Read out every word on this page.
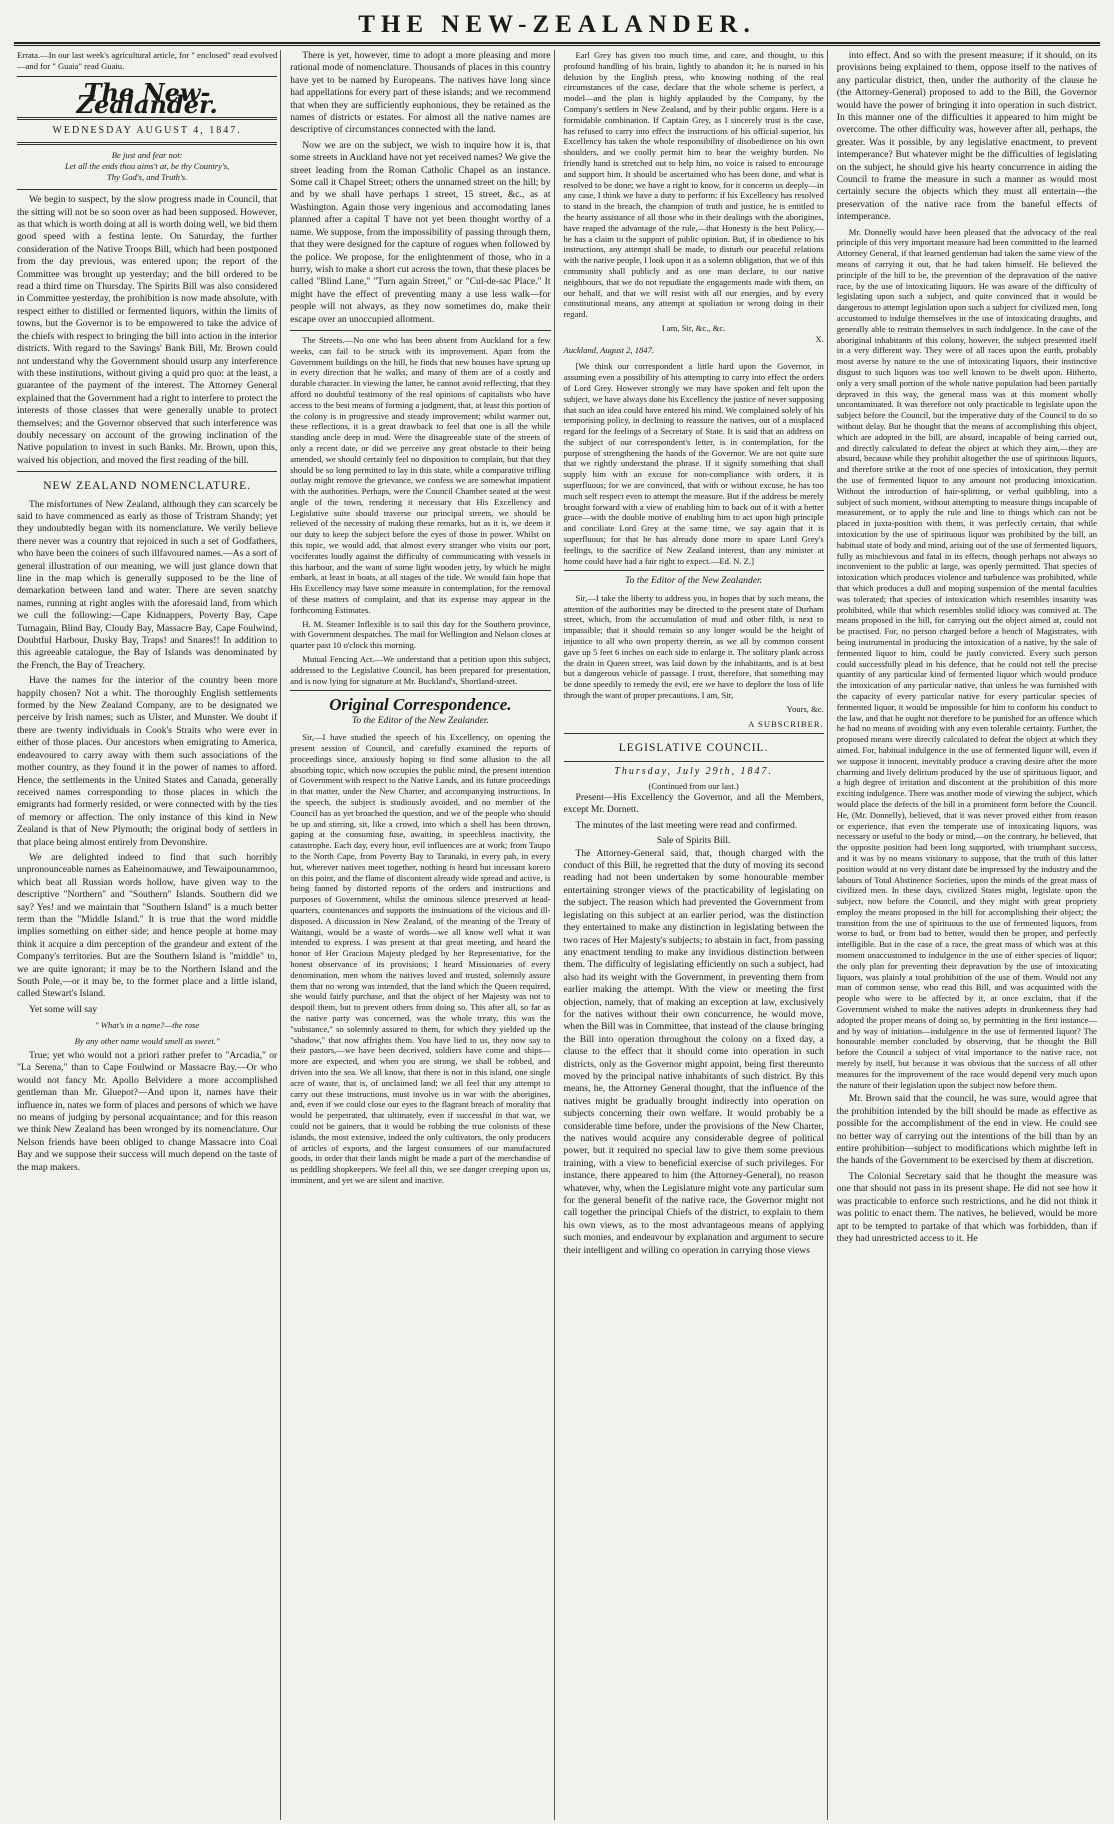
THE NEW-ZEALANDER.
Errata.—In our last week's agricultural article, for " enclosed" read evolved—and for " Guaia" read Guaiu.
The New-Zealander.
WEDNESDAY AUGUST 4, 1847.
Be just and fear not:
Let all the ends thou aims't at, be thy Country's,
Thy God's, and Truth's.

We begin to suspect, by the slow progress made in Council, that the sitting will not be so soon over as had been supposed. However, as that which is worth doing at all is worth doing well, we bid them good speed with a festina lente. On Saturday, the further consideration of the Native Troops Bill, which had been postponed from the day previous, was entered upon; the report of the Committee was brought up yesterday; and the bill ordered to be read a third time on Thursday. The Spirits Bill was also considered in Committee yesterday, the prohibition is now made absolute, with respect either to distilled or fermented liquors, within the limits of towns, but the Governor is to be empowered to take the advice of the chiefs with respect to bringing the bill into action in the interior districts. With regard to the Savings' Bank Bill, Mr. Brown could not understand why the Government should usurp any interference with these institutions, without giving a quid pro quo: at the least, a guarantee of the payment of the interest. The Attorney General explained that the Government had a right to interfere to protect the interests of those classes that were generally unable to protect themselves; and the Governor observed that such interference was doubly necessary on account of the growing inclination of the Native population to invest in such Banks. Mr. Brown, upon this, waived his objection, and moved the first reading of the bill.

NEW ZEALAND NOMENCLATURE.

The misfortunes of New Zealand, although they can scarcely be said to have commenced as early as those of Tristram Shandy; yet they undoubtedly began with its nomenclature. We verily believe there never was a country that rejoiced in such a set of Godfathers, who have been the coiners of such illfavoured names.—As a sort of general illustration of our meaning, we will just glance down that line in the map which is generally supposed to be the line of demarkation between land and water. There are seven snatchy names, running at right angles with the aforesaid land, from which we cull the following:—Cape Kidnappers, Poverty Bay, Cape Turnagain, Blind Bay, Cloudy Bay, Massacre Bay, Cape Foulwind, Doubtful Harbour, Dusky Bay, Traps! and Snares!! In addition to this agreeable catalogue, the Bay of Islands was denominated by the French, the Bay of Treachery.

Have the names for the interior of the country been more happily chosen? Not a whit. The thoroughly English settlements formed by the New Zealand Company, are to be designated we perceive by Irish names; such as Ulster, and Munster. We doubt if there are twenty individuals in Cook's Straits who were ever in either of those places. Our ancestors when emigrating to America, endeavoured to carry away with them such associations of the mother country, as they found it in the power of names to afford. Hence, the settlements in the United States and Canada, generally received names corresponding to those places in which the emigrants had formerly resided, or were connected with by the ties of memory or affection. The only instance of this kind in New Zealand is that of New Plymouth; the original body of settlers in that place being almost entirely from Devonshire.

We are delighted indeed to find that such horribly unpronounceable names as Eaheinomauwe, and Tewaipounammoo, which beat all Russian words hollow, have given way to the descriptive "Northern" and "Southern" Islands. Southern did we say? Yes! and we maintain that "Southern Island" is a much better term than the "Middle Island." It is true that the word middle implies something on either side; and hence people at home may think it acquire a dim perception of the grandeur and extent of the Company's territories. But are the Southern Island is "middle" to, we are quite ignorant; it may be to the Northern Island and the South Pole,—or it may be, to the former place and a little island, called Stewart's Island.

Yet some will say

" What's in a name?—the rose
By any other name would smell as sweet."

True; yet who would not a priori rather prefer to "Arcadia," or "La Serena," than to Cape Foulwind or Massacre Bay.—Or who would not fancy Mr. Apollo Belvidere a more accomplished gentleman than Mr. Gluepot?—And upon it, names have their influence in, nates we form of places and persons of which we have no means of judging by personal acquaintance; and for this reason we think New Zealand has been wronged by its nomenclature. Our Nelson friends have been obliged to change Massacre into Coal Bay and we suppose their success will much depend on the taste of the map makers.

There is yet, however, time to adopt a more pleasing and more rational mode of nomenclature. Thousands of places in this country have yet to be named by Europeans. The natives have long since had appellations for every part of these islands; and we recommend that when they are sufficiently euphonious, they be retained as the names of districts or estates. For almost all the native names are descriptive of circumstances connected with the land.

Now we are on the subject, we wish to inquire how it is, that some streets in Auckland have not yet received names? We give the street leading from the Roman Catholic Chapel as an instance. Some call it Chapel Street; others the unnamed street on the hill; by and by we shall have perhaps 1 street, 15 street, &c., as at Washington. Again those very ingenious and accomodating lanes planned after a capital T have not yet been thought worthy of a name. We suppose, from the impossibility of passing through them, that they were designed for the capture of rogues when followed by the police. We propose, for the enlightenment of those, who in a hurry, wish to make a short cut across the town, that these places be called "Blind Lane," "Turn again Street," or "Cul-de-sac Place." It might have the effect of preventing many a use less walk—for people will not always, as they now sometimes do, make their escape over an unoccupied allotment.

The Streets.—No one who has been absent from Auckland for a few weeks, can fail to be struck with its improvement. Apart from the Government buildings on the hill, he finds that new houses have sprung up in every direction that he walks, and many of them are of a costly and durable character. In viewing the latter, he cannot avoid reflecting, that they afford no doubtful testimony of the real opinions of capitalists who have access to the best means of forming a judgment, that, at least this portion of the colony is in progressive and steady improvement; whilst warmer out, these reflections, it is a great drawback to feel that one is all the while standing ancle deep in mud. Were the disagreeable state of the streets of only a recent date, or did we perceive any great obstacle to their being amended, we should certainly feel no disposition to complain, but that they should be so long permitted to lay in this state, while a comparative trifling outlay might remove the grievance, we confess we are somewhat impatient with the authorities. Perhaps, were the Council Chamber seated at the west angle of the town, rendering it necessary that His Excellency and Legislative suite should traverse our principal streets, we should be relieved of the necessity of making these remarks, but as it is, we deem it our duty to keep the subject before the eyes of those in power. Whilst on this topic, we would add, that almost every stranger who visits our port, vociferates loudly against the difficulty of communicating with vessels in this harbour, and the want of some light wooden jetty, by which he might embark, at least in boats, at all stages of the tide. We would fain hope that His Excellency may have some measure in contemplation, for the removal of these matters of complaint, and that its expense may appear in the forthcoming Estimates.

H. M. Steamer Inflexible is to sail this day for the Southern province, with Government despatches. The mail for Wellington and Nelson closes at quarter past 10 o'clock this morning.

Mutual Fencing Act.—We understand that a petition upon this subject, addressed to the Legislative Council, has been prepared for presentation, and is now lying for signature at Mr. Buckland's, Shortland-street.

Original Correspondence.
To the Editor of the New Zealander.

Sir,—I have studied the speech of his Excellency, on opening the present session of Council, and carefully examined the reports of proceedings since, anxiously hoping to find some allusion to the all absorbing topic, which now occupies the public mind, the present intention of Government with respect to the Native Lands, and its future proceedings in that matter, under the New Charter, and accompanying instructions. In the speech, the subject is studiously avoided, and no member of the Council has as yet broached the question, and we of the people who should be up and stirring, sit, like a crowd, into which a shell has been thrown, gaping at the consuming fuse, awaiting, in speechless inactivity, the catastrophe. Each day, every hour, evil influences are at work; from Taupo to the North Cape, from Poverty Bay to Taranaki, in every pah, in every hut, wherever natives meet together, nothing is heard but incessant korero on this point, and the flame of discontent already wide spread and active, is being fanned by distorted reports of the orders and instructions and purposes of Government, whilst the ominous silence preserved at head-quarters, countenances and supports the insinuations of the vicious and ill-disposed. A discussion in New Zealand, of the meaning of the Treaty of Waitangi, would be a waste of words—we all know well what it was intended to express. I was present at that great meeting, and heard the honor of Her Gracious Majesty pledged by her Representative, for the honest observance of its provisions; I heard Missionaries of every denomination, men whom the natives loved and trusted, solemnly assure them that no wrong was intended, that the land which the Queen required, she would fairly purchase, and that the object of her Majesty was not to despoil them, but to prevent others from doing so. This after all, so far as the native party was concerned, was the whole treaty, this was the "substance," so solemnly assured to them, for which they yielded up the "shadow," that now affrights them. You have lied to us, they now say to their pastors,—we have been deceived, soldiers have come and ships—more are expected, and when you are strong, we shall be robbed, and driven into the sea. We all know, that there is not in this island, one single acre of waste, that is, of unclaimed land; we all feel that any attempt to carry out these instructions, must involve us in war with the aborigines, and, even if we could close our eyes to the flagrant breach of morality that would be perpetrated, that ultimately, even if successful in that war, we could not be gainers, that it would be robbing the true colonists of these islands, the most extensive, indeed the only cultivators, the only producers of articles of exports, and the largest consumers of our manufactured goods, in order that their lands might be made a part of the merchandise of us peddling shopkeepers. We feel all this, we see danger creeping upon us, imminent, and yet we are silent and inactive.

Earl Grey has given too much time, and care, and thought, to this profound handling of his brain, lightly to abandon it; he is nursed in his delusion by the English press, who knowing nothing of the real circumstances of the case, declare that the whole scheme is perfect, a model—and the plan is highly applauded by the Company, by the Company's settlers in New Zealand, and by their public organs. Here is a formidable combination. If Captain Grey, as I sincerely trust is the case, has refused to carry into effect the instructions of his official superior, his Excellency has taken the whole responsibility of disobedience on his own shoulders, and we coolly permit him to bear the weighty burden. No friendly hand is stretched out to help him, no voice is raised to encourage and support him. It should be ascertained who has been done, and what is resolved to be done; we have a right to know, for it concerns us deeply—in any case, I think we have a duty to perform: if his Excellency has resolved to stand in the breach, the champion of truth and justice, he is entitled to the hearty assistance of all those who in their dealings with the aborigines, have reaped the advantage of the rule,—that Honesty is the best Policy,—he has a claim to the support of public opinion. But, if in obedience to his instructions, any attempt shall be made, to disturb our peaceful relations with the native people, I look upon it as a solemn obligation, that we of this community shall publicly and as one man declare, to our native neighbours, that we do not repudiate the engagements made with them, on our behalf, and that we will resist with all our energies, and by every constitutional means, any attempt at spoliation or wrong doing in their regard.

I am, Sir, &c., &c.
X.
Auckland, August 2, 1847.

[We think our correspondent a little hard upon the Governor, in assuming even a possibility of his attempting to carry into effect the orders of Lord Grey. However strongly we may have spoken and felt upon the subject, we have always done his Excellency the justice of never supposing that such an idea could have entered his mind. We complained solely of his temporising policy, in declining to reassure the natives, out of a misplaced regard for the feelings of a Secretary of State. It is said that an address on the subject of our correspondent's letter, is in contemplation, for the purpose of strengthening the hands of the Governor. We are not quite sure that we rightly understand the phrase. If it signify something that shall supply him with an excuse for non-compliance with orders, it is superfluous; for we are convinced, that with or without excuse, he has too much self respect even to attempt the measure. But if the address be merely brought forward with a view of enabling him to back out of it with a better grace—with the double motive of enabling him to act upon high principle and conciliate Lord Grey at the same time, we say again that it is superfluous; for that he has already done more to spare Lord Grey's feelings, to the sacrifice of New Zealand interest, than any minister at home could have had a fair right to expect.—Ed. N. Z.]

To the Editor of the New Zealander.

Sir,—I take the liberty to address you, in hopes that by such means, the attention of the authorities may be directed to the present state of Durham street, which, from the accumulation of mud and other filth, is next to impassible; that it should remain so any longer would be the height of injustice to all who own property therein, as we all by common consent gave up 5 feet 6 inches on each side to enlarge it. The solitary plank across the drain in Queen street, was laid down by the inhabitants, and is at best but a dangerous vehicle of passage. I trust, therefore, that something may be done speedily to remedy the evil, ere we have to deplore the loss of life through the want of proper precautions. I am, Sir,

Yours, &c.
A SUBSCRIBER.
LEGISLATIVE COUNCIL.
Thursday, July 29th, 1847.
(Continued from our last.)

Present—His Excellency the Governor, and all the Members, except Mr. Dornett.

The minutes of the last meeting were read and confirmed.

Sale of Spirits Bill.

The Attorney-General said, that, though charged with the conduct of this Bill, he regretted that the duty of moving its second reading had not been undertaken by some honourable member entertaining stronger views of the practicability of legislating on the subject. The reason which had prevented the Government from legislating on this subject at an earlier period, was the distinction they entertained to make any distinction in legislating between the two races of Her Majesty's subjects; to abstain in fact, from passing any enactment tending to make any invidious distinction between them. The difficulty of legislating efficiently on such a subject, had also had its weight with the Government, in preventing them from earlier making the attempt. With the view or meeting the first objection, namely, that of making an exception at law, exclusively for the natives without their own concurrence, he would move, when the Bill was in Committee, that instead of the clause bringing the Bill into operation throughout the colony on a fixed day, a clause to the effect that it should come into operation in such districts, only as the Governor might appoint, being first thereunto moved by the principal native inhabitants of such district. By this means, he, the Attorney General thought, that the influence of the natives might be gradually brought indirectly into operation on subjects concerning their own welfare. It would probably be a considerable time before, under the provisions of the New Charter, the natives would acquire any considerable degree of political power, but it required no special law to give them some previous training, with a view to beneficial exercise of such privileges. For instance, there appeared to him (the Attorney-General), no reason whatever, why, when the Legislature might vote any particular sum for the general benefit of the native race, the Governor might not call together the principal Chiefs of the district, to explain to them his own views, as to the most advantageous means of applying such monies, and endeavour by explanation and argument to secure their intelligent and willing co operation in carrying those views

into effect. And so with the present measure; if it should, on its provisions being explained to them, oppose itself to the natives of any particular district, then, under the authority of the clause he (the Attorney-General) proposed to add to the Bill, the Governor would have the power of bringing it into operation in such district. In this manner one of the difficulties it appeared to him might be overcome. The other difficulty was, however after all, perhaps, the greater. Was it possible, by any legislative enactment, to prevent intemperance? But whatever might be the difficulties of legislating on the subject, he should give his hearty concurrence in aiding the Council to frame the measure in such a manner as would most certainly secure the objects which they must all entertain—the preservation of the native race from the baneful effects of intemperance.

Mr. Donnelly would have been pleased that the advocacy of the real principle of this very important measure had been committed to the learned Attorney General, if that learned gentleman had taken the same view of the means of carrying it out, that he had taken himself. He believed the principle of the bill to be, the prevention of the depravation of the native race, by the use of intoxicating liquors. He was aware of the difficulty of legislating upon such a subject, and quite convinced that it would be dangerous to attempt legislation upon such a subject for civilized men, long accustomed to indulge themselves in the use of intoxicating draughts, and generally able to restrain themselves in such indulgence. In the case of the aboriginal inhabitants of this colony, however, the subject presented itself in a very different way. They were of all races upon the earth, probably most averse by nature to the use of intoxicating liquors, their instinctive disgust to such liquors was too well known to be dwelt upon. Hitherto, only a very small portion of the whole native population had been partially depraved in this way, the general mass was at this moment wholly uncontaminated. It was therefore not only practicable to legislate upon the subject before the Council, but the imperative duty of the Council to do so without delay. But he thought that the means of accomplishing this object, which are adopted in the bill, are absurd, incapable of being carried out, and directly calculated to defeat the object at which they aim,—they are absurd, because while they prohibit altogether the use of spirituous liquors, and therefore strike at the root of one species of intoxication, they permit the use of fermented liquor to any amount not producing intoxication. Without the introduction of hair-splitting, or verbal quibbling, into a subject of such moment, without attempting to measure things incapable of measurement, or to apply the rule and line to things which can not be placed in juxta-position with them, it was perfectly certain, that while intoxication by the use of spirituous liquor was prohibited by the bill, an habitual state of body and mind, arising out of the use of fermented liquors, fully as mischievous and fatal in its effects, though perhaps not always so inconvenient to the public at large, was openly permitted. That species of intoxication which produces violence and turbulence was prohibited, while that which produces a dull and moping suspension of the mental faculties was tolerated; that species of intoxication which resembles insanity was prohibited, while that which resembles stolid idiocy was connived at. The means proposed in the bill, for carrying out the object aimed at, could not be practised. For, no person charged before a bench of Magistrates, with being instrumental in producing the intoxication of a native, by the sale of fermented liquor to him, could be justly convicted. Every such person could successfully plead in his defence, that he could not tell the precise quantity of any particular kind of fermented liquor which would produce the intoxication of any particular native, that unless he was furnished with the capacity of every particular native for every particular species of fermented liquor, it would be impossible for him to conform his conduct to the law, and that he ought not therefore to be punished for an offence which he had no means of avoiding with any even tolerable certainty. Further, the proposed means were directly calculated to defeat the object at which they aimed. For, habitual indulgence in the use of fermented liquor will, even if we suppose it innocent, inevitably produce a craving desire after the more charming and lively delirium produced by the use of spirituous liquor, and a high degree of irritation and discontent at the prohibition of this more exciting indulgence. There was another mode of viewing the subject, which would place the defects of the bill in a prominent form before the Council. He, (Mr. Donnelly), believed, that it was never proved either from reason or experience, that even the temperate use of intoxicating liquors, was necessary or useful to the body or mind,—on the contrary, he believed, that the opposite position had been long supported, with triumphant success, and it was by no means visionary to suppose, that the truth of this latter position would at no very distant date be impressed by the industry and the labours of Total Abstinence Societies, upon the minds of the great mass of civilized men. In these days, civilized States might, legislate upon the subject, now before the Council, and they might with great propriety employ the means proposed in the bill for accomplishing their object; the transition from the use of spirituous to the use of fermented liquors, from worse to bad, or from bad to better, would then be proper, and perfectly intelligible. But in the case of a race, the great mass of which was at this moment unaccustomed to indulgence in the use of either species of liquor; the only plan for preventing their depravation by the use of intoxicating liquors, was plainly a total prohibition of the use of them. Would not any man of common sense, who read this Bill, and was acquainted with the people who were to be affected by it, at once exclaim, that if the Government wished to make the natives adepts in drunkenness they had adopted the proper means of doing so, by permitting in the first instance—and by way of initiation—indulgence in the use of fermented liquor? The honourable member concluded by observing, that he thought the Bill before the Council a subject of vital importance to the native race, not merely by itself, but because it was obvious that the success of all other measures for the improvement of the race would depend very much upon the nature of their legislation upon the subject now before them.

Mr. Brown said that the council, he was sure, would agree that the prohibition intended by the bill should be made as effective as possible for the accomplishment of the end in view. He could see no better way of carrying out the intentions of the bill than by an entire prohibition—subject to modifications which mightbe left in the hands of the Government to be exercised by them at discretion.

The Colonial Secretary said that he thought the measure was one that should not pass in its present shape. He did not see how it was practicable to enforce such restrictions, and he did not think it was politic to enact them. The natives, he believed, would be more apt to be tempted to partake of that which was forbidden, than if they had unrestricted access to it. He
